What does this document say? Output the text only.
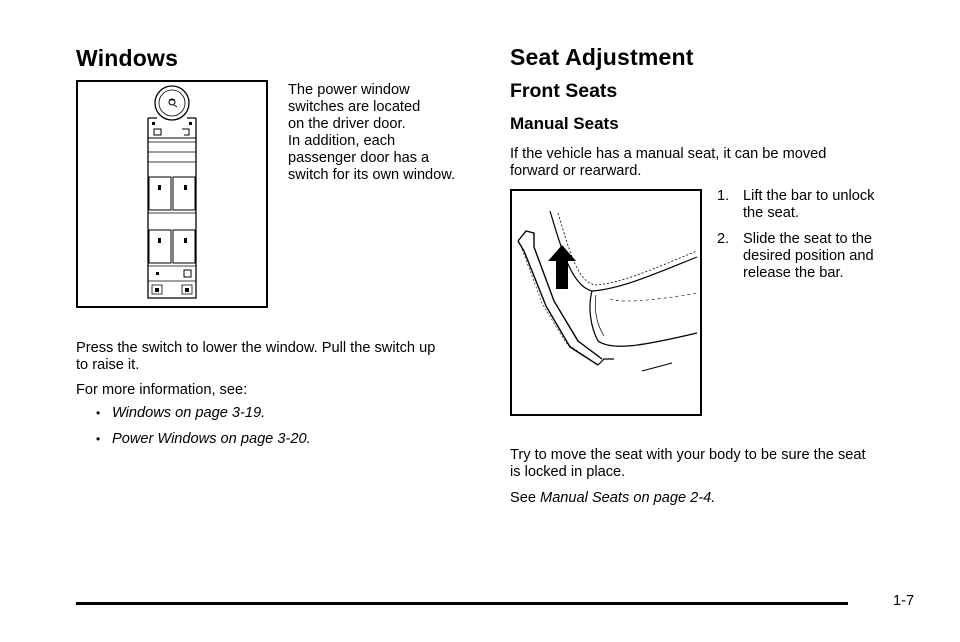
Windows
The power window
switches are located
on the driver door.
In addition, each
passenger door has a
switch for its own window.
Press the switch to lower the window. Pull the switch up
to raise it.
For more information, see:
• Windows on page 3-19.
• Power Windows on page 3-20.
Seat Adjustment
Front Seats
Manual Seats
If the vehicle has a manual seat, it can be moved
forward or rearward.
1. Lift the bar to unlock
the seat.
2. Slide the seat to the
desired position and
release the bar.
Try to move the seat with your body to be sure the seat
is locked in place.
See Manual Seats on page 2-4.
1-7
